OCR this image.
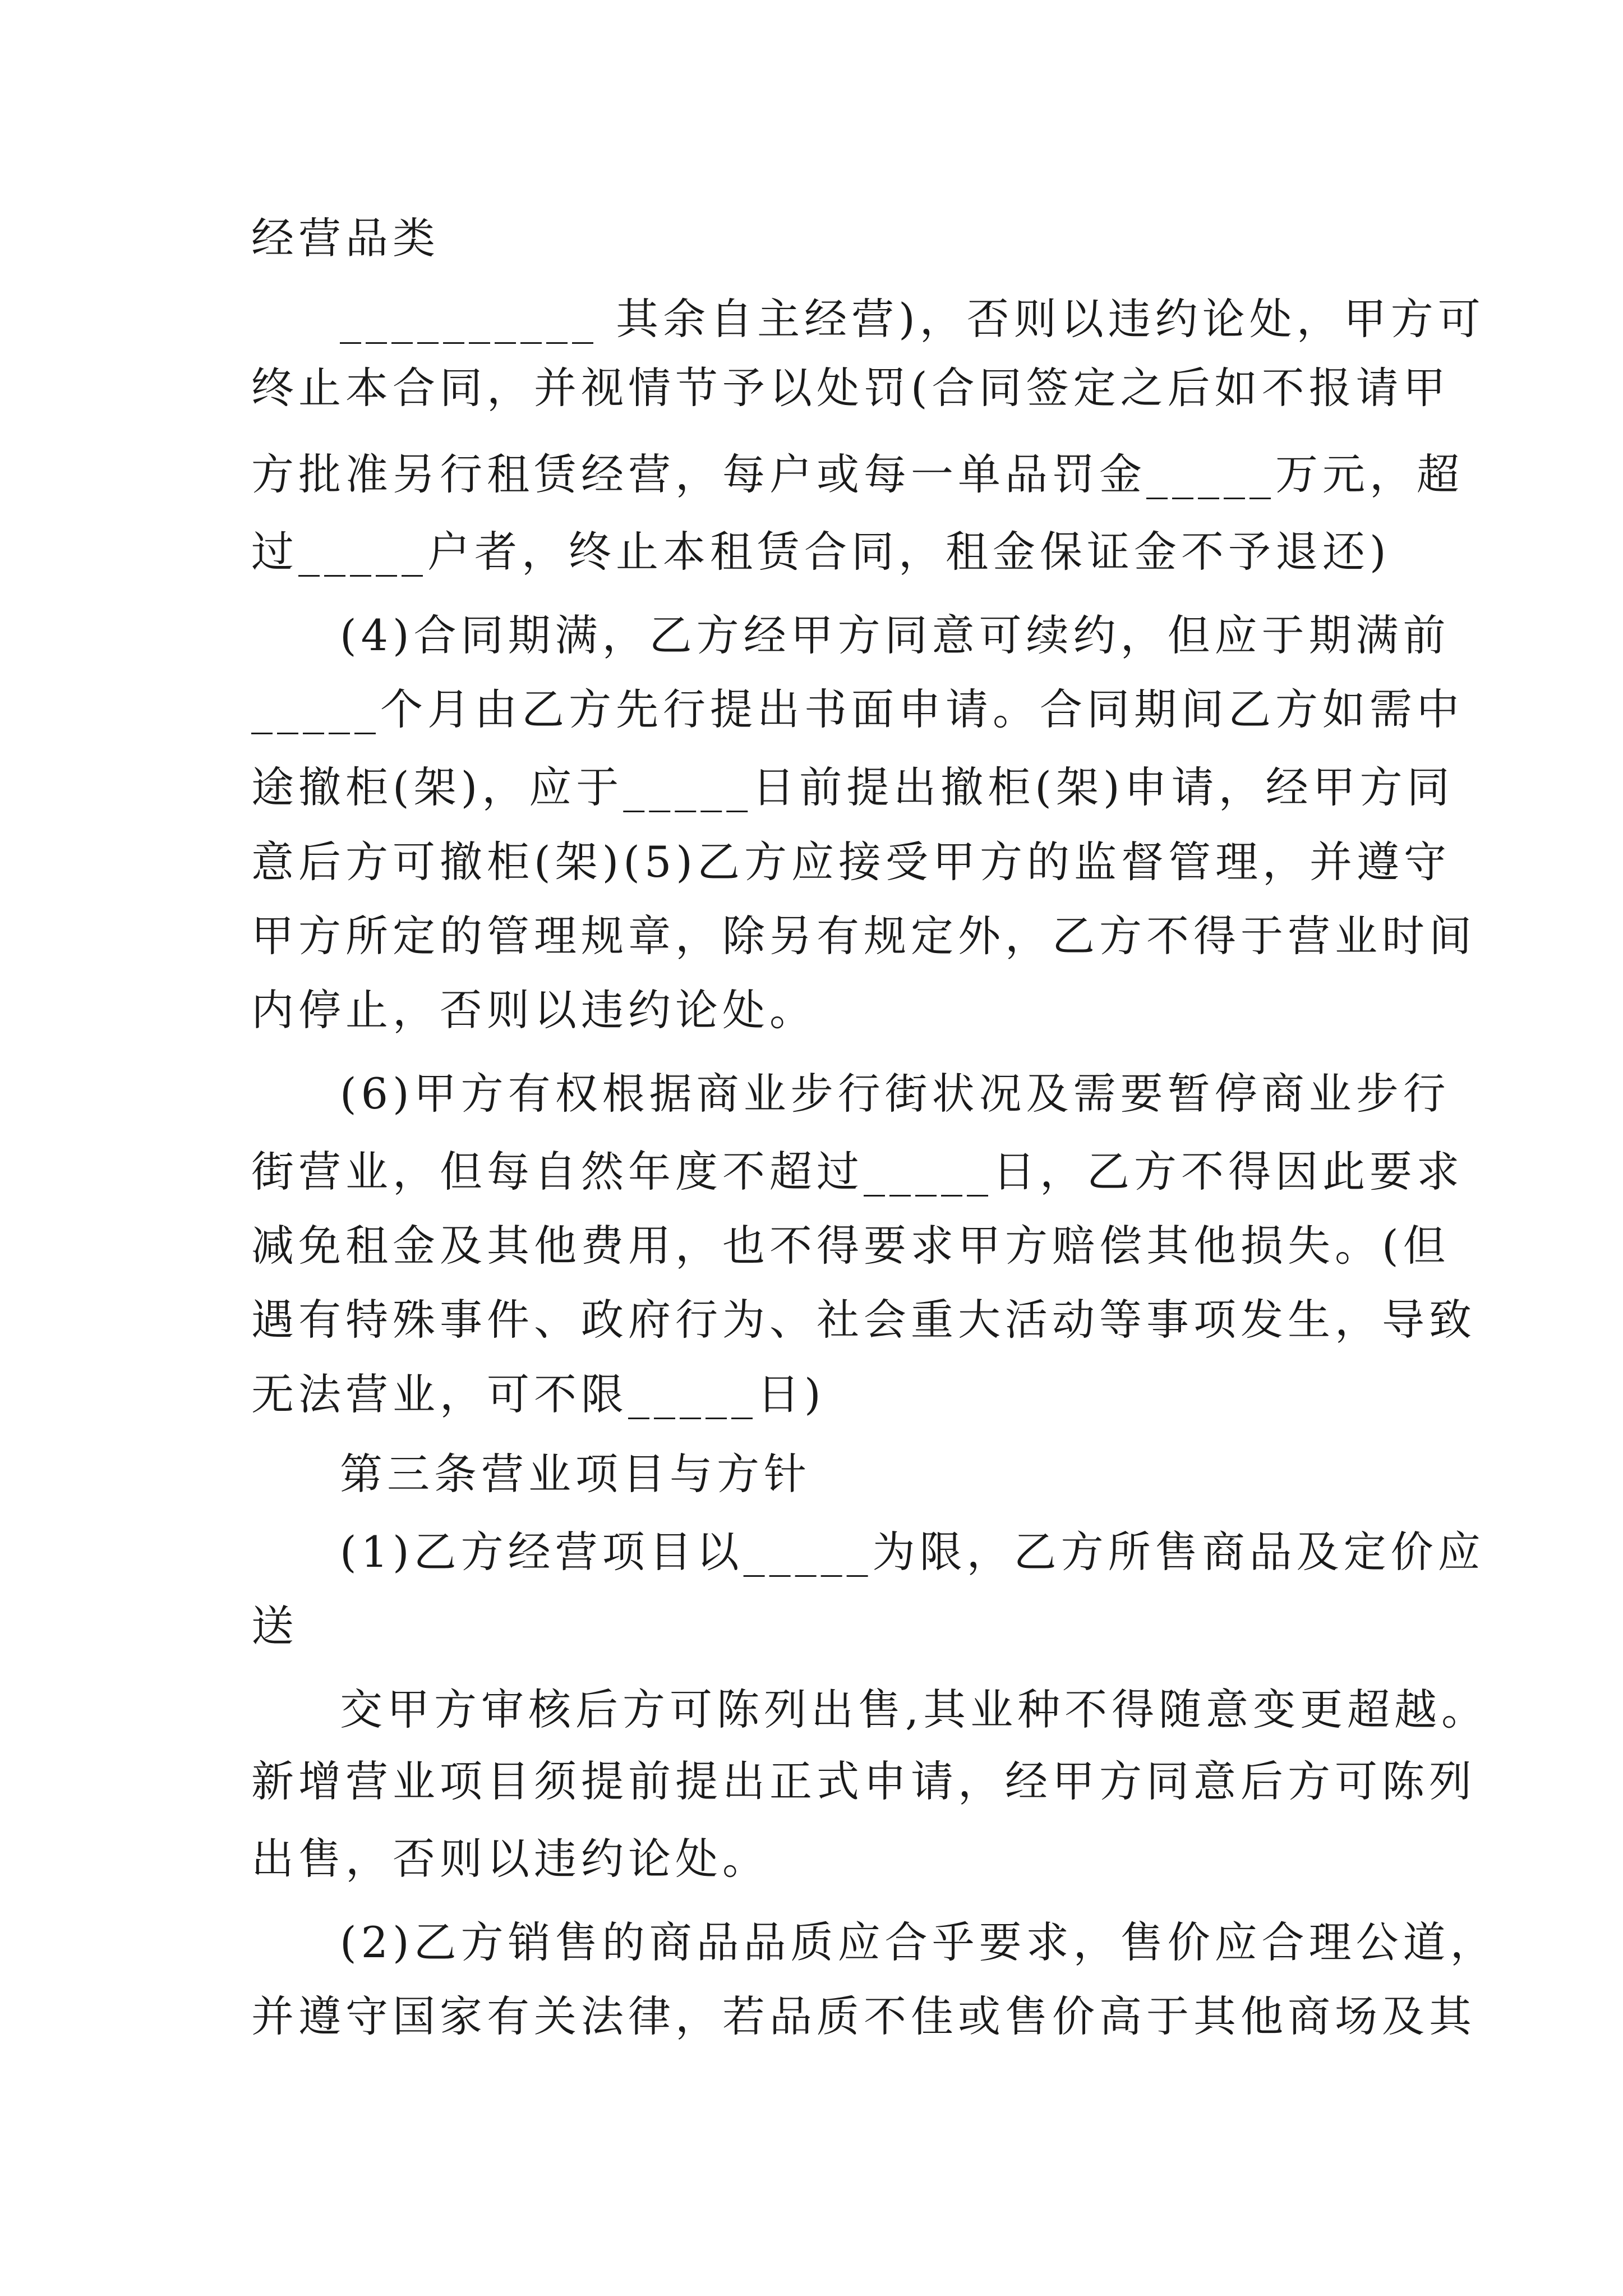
经营品类
__________ 其余自主经营)，否则以违约论处，甲方可
终止本合同，并视情节予以处罚(合同签定之后如不报请甲
方批准另行租赁经营，每户或每一单品罚金_____万元，超
过_____户者，终止本租赁合同，租金保证金不予退还)
(4)合同期满，乙方经甲方同意可续约，但应于期满前
_____个月由乙方先行提出书面申请。合同期间乙方如需中
途撤柜(架)，应于_____日前提出撤柜(架)申请，经甲方同
意后方可撤柜(架)(5)乙方应接受甲方的监督管理，并遵守
甲方所定的管理规章，除另有规定外，乙方不得于营业时间
内停止，否则以违约论处。
(6)甲方有权根据商业步行街状况及需要暂停商业步行
街营业，但每自然年度不超过_____日，乙方不得因此要求
减免租金及其他费用，也不得要求甲方赔偿其他损失。(但
遇有特殊事件、政府行为、社会重大活动等事项发生，导致
无法营业，可不限_____日)
第三条营业项目与方针
(1)乙方经营项目以_____为限，乙方所售商品及定价应
送
交甲方审核后方可陈列出售,其业种不得随意变更超越。
新增营业项目须提前提出正式申请，经甲方同意后方可陈列
出售，否则以违约论处。
(2)乙方销售的商品品质应合乎要求，售价应合理公道，
并遵守国家有关法律，若品质不佳或售价高于其他商场及其
